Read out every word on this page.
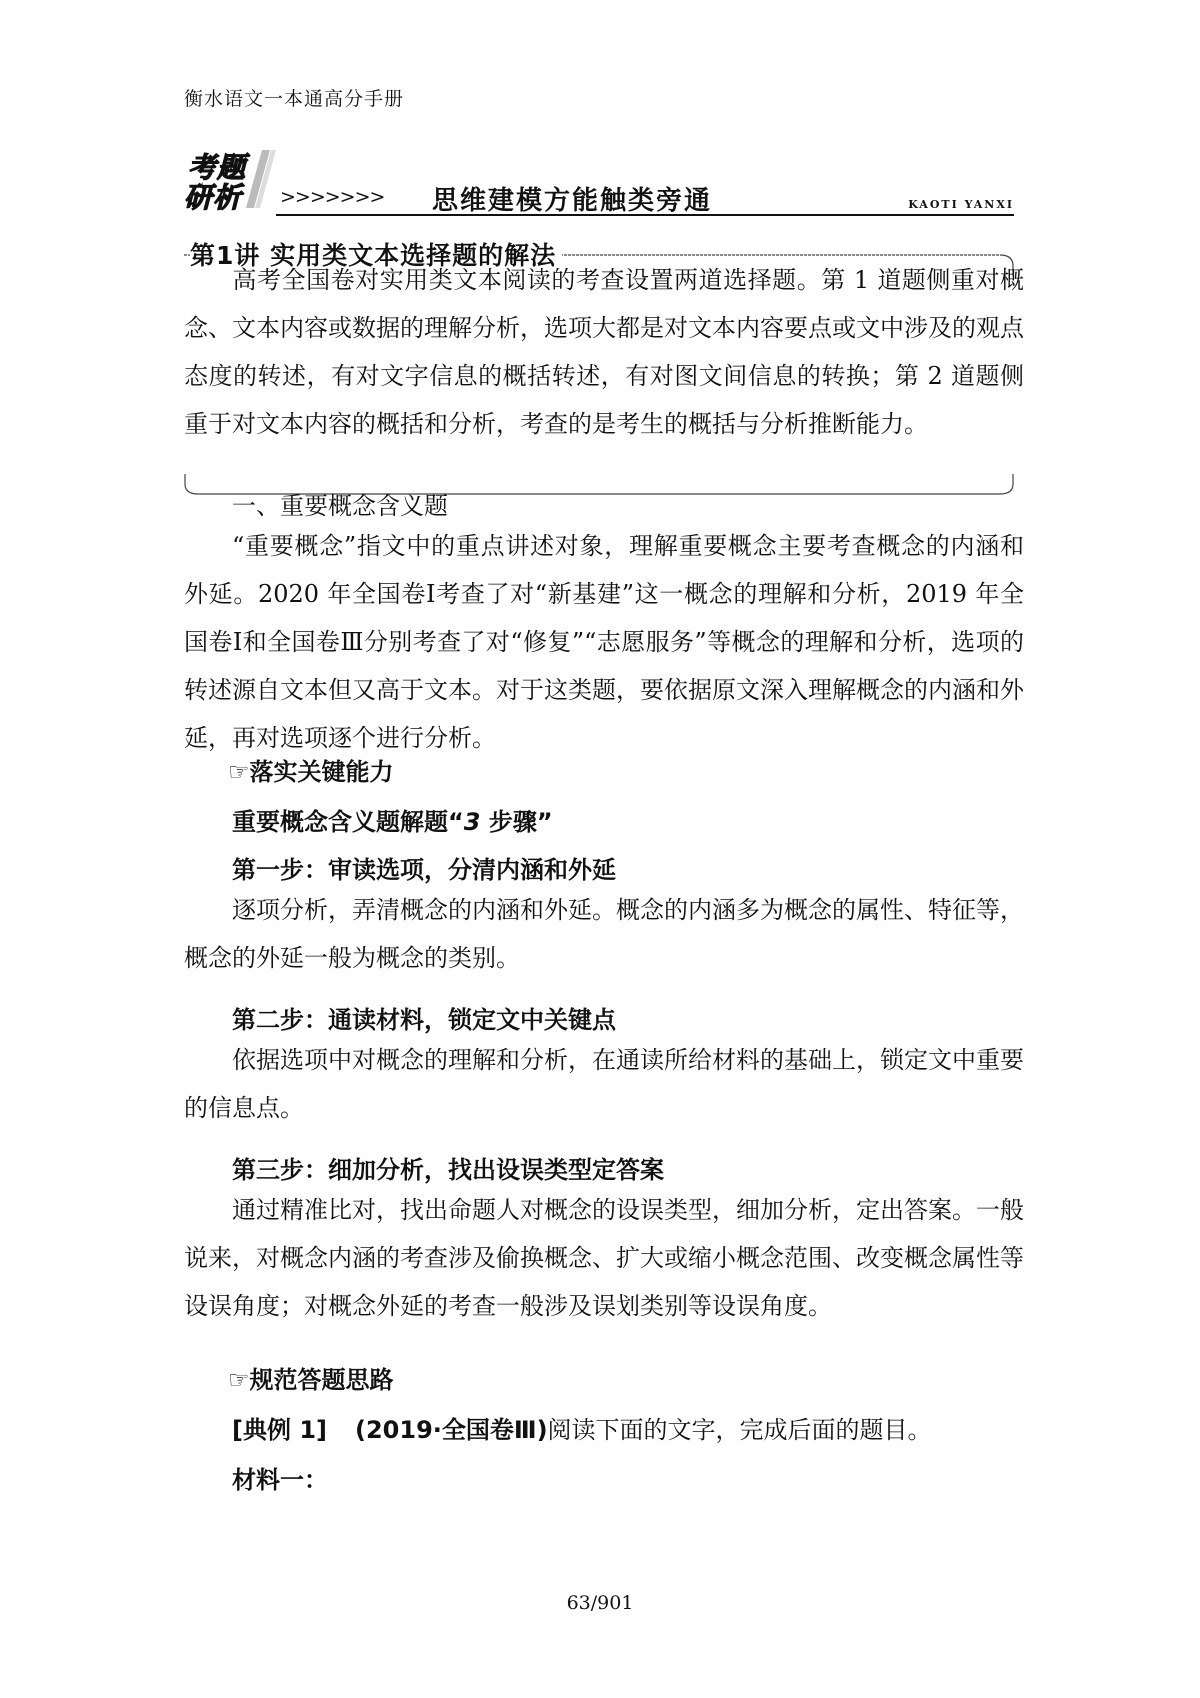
衡水语文一本通高分手册
考题
研析 >>>>>>> 思维建模方能触类旁通	KAOTI YANXI
第1讲 实用类文本选择题的解法
高考全国卷对实用类文本阅读的考查设置两道选择题。第 1 道题侧重对概念、文本内容或数据的理解分析，选项大都是对文本内容要点或文中涉及的观点态度的转述，有对文字信息的概括转述，有对图文间信息的转换；第 2 道题侧重于对文本内容的概括和分析，考查的是考生的概括与分析推断能力。
一、重要概念含义题
“重要概念”指文中的重点讲述对象，理解重要概念主要考查概念的内涵和外延。2020 年全国卷Ⅰ考查了对“新基建”这一概念的理解和分析，2019 年全国卷Ⅰ和全国卷Ⅲ分别考查了对“修复”“志愿服务”等概念的理解和分析，选项的转述源自文本但又高于文本。对于这类题，要依据原文深入理解概念的内涵和外延，再对选项逐个进行分析。
☞落实关键能力
重要概念含义题解题“3 步骤”
第一步：审读选项，分清内涵和外延
逐项分析，弄清概念的内涵和外延。概念的内涵多为概念的属性、特征等，概念的外延一般为概念的类别。
第二步：通读材料，锁定文中关键点
依据选项中对概念的理解和分析，在通读所给材料的基础上，锁定文中重要的信息点。
第三步：细加分析，找出设误类型定答案
通过精准比对，找出命题人对概念的设误类型，细加分析，定出答案。一般说来，对概念内涵的考查涉及偷换概念、扩大或缩小概念范围、改变概念属性等设误角度；对概念外延的考查一般涉及误划类别等设误角度。
☞规范答题思路
[典例 1] (2019·全国卷Ⅲ)阅读下面的文字，完成后面的题目。
材料一：
63/901
